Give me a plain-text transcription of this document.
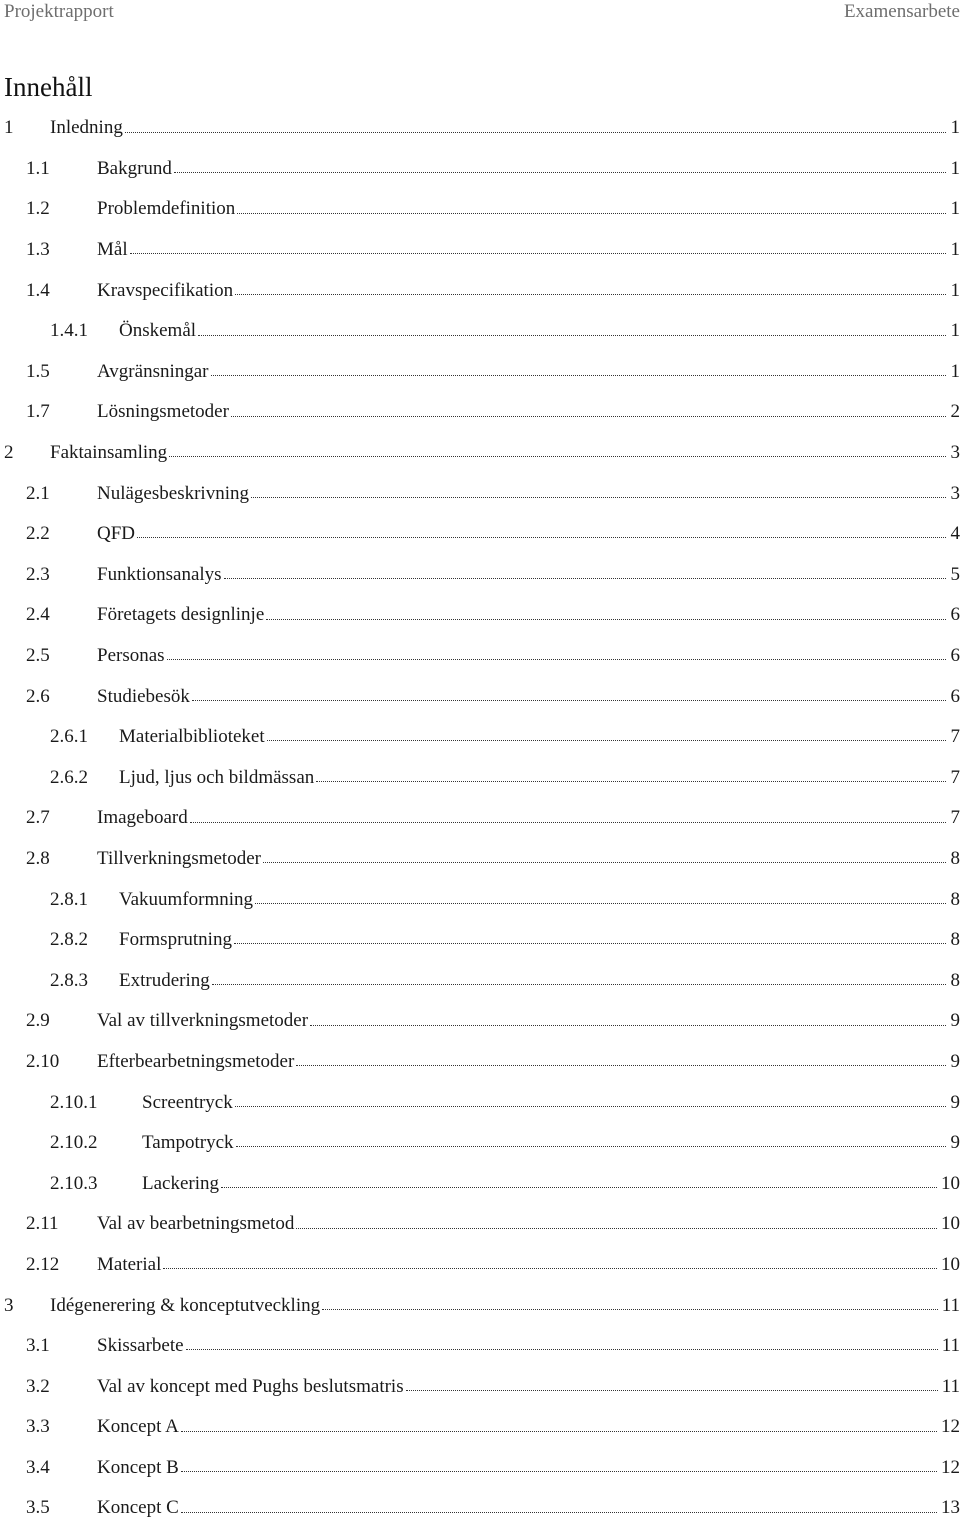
Projektrapport	Examensarbete
Innehåll
1 Inledning	1
1.1 Bakgrund	1
1.2 Problemdefinition	1
1.3 Mål	1
1.4 Kravspecifikation	1
1.4.1 Önskemål	1
1.5 Avgränsningar	1
1.7 Lösningsmetoder	2
2 Faktainsamling	3
2.1 Nulägesbeskrivning	3
2.2 QFD	4
2.3 Funktionsanalys	5
2.4 Företagets designlinje	6
2.5 Personas	6
2.6 Studiebesök	6
2.6.1 Materialbiblioteket	7
2.6.2 Ljud, ljus och bildmässan	7
2.7 Imageboard	7
2.8 Tillverkningsmetoder	8
2.8.1 Vakuumformning	8
2.8.2 Formsprutning	8
2.8.3 Extrudering	8
2.9 Val av tillverkningsmetoder	9
2.10 Efterbearbetningsmetoder	9
2.10.1 Screentryck	9
2.10.2 Tampotryck	9
2.10.3 Lackering	10
2.11 Val av bearbetningsmetod	10
2.12 Material	10
3 Idégenerering & konceptutveckling	11
3.1 Skissarbete	11
3.2 Val av koncept med Pughs beslutsmatris	11
3.3 Koncept A	12
3.4 Koncept B	12
3.5 Koncept C	13
